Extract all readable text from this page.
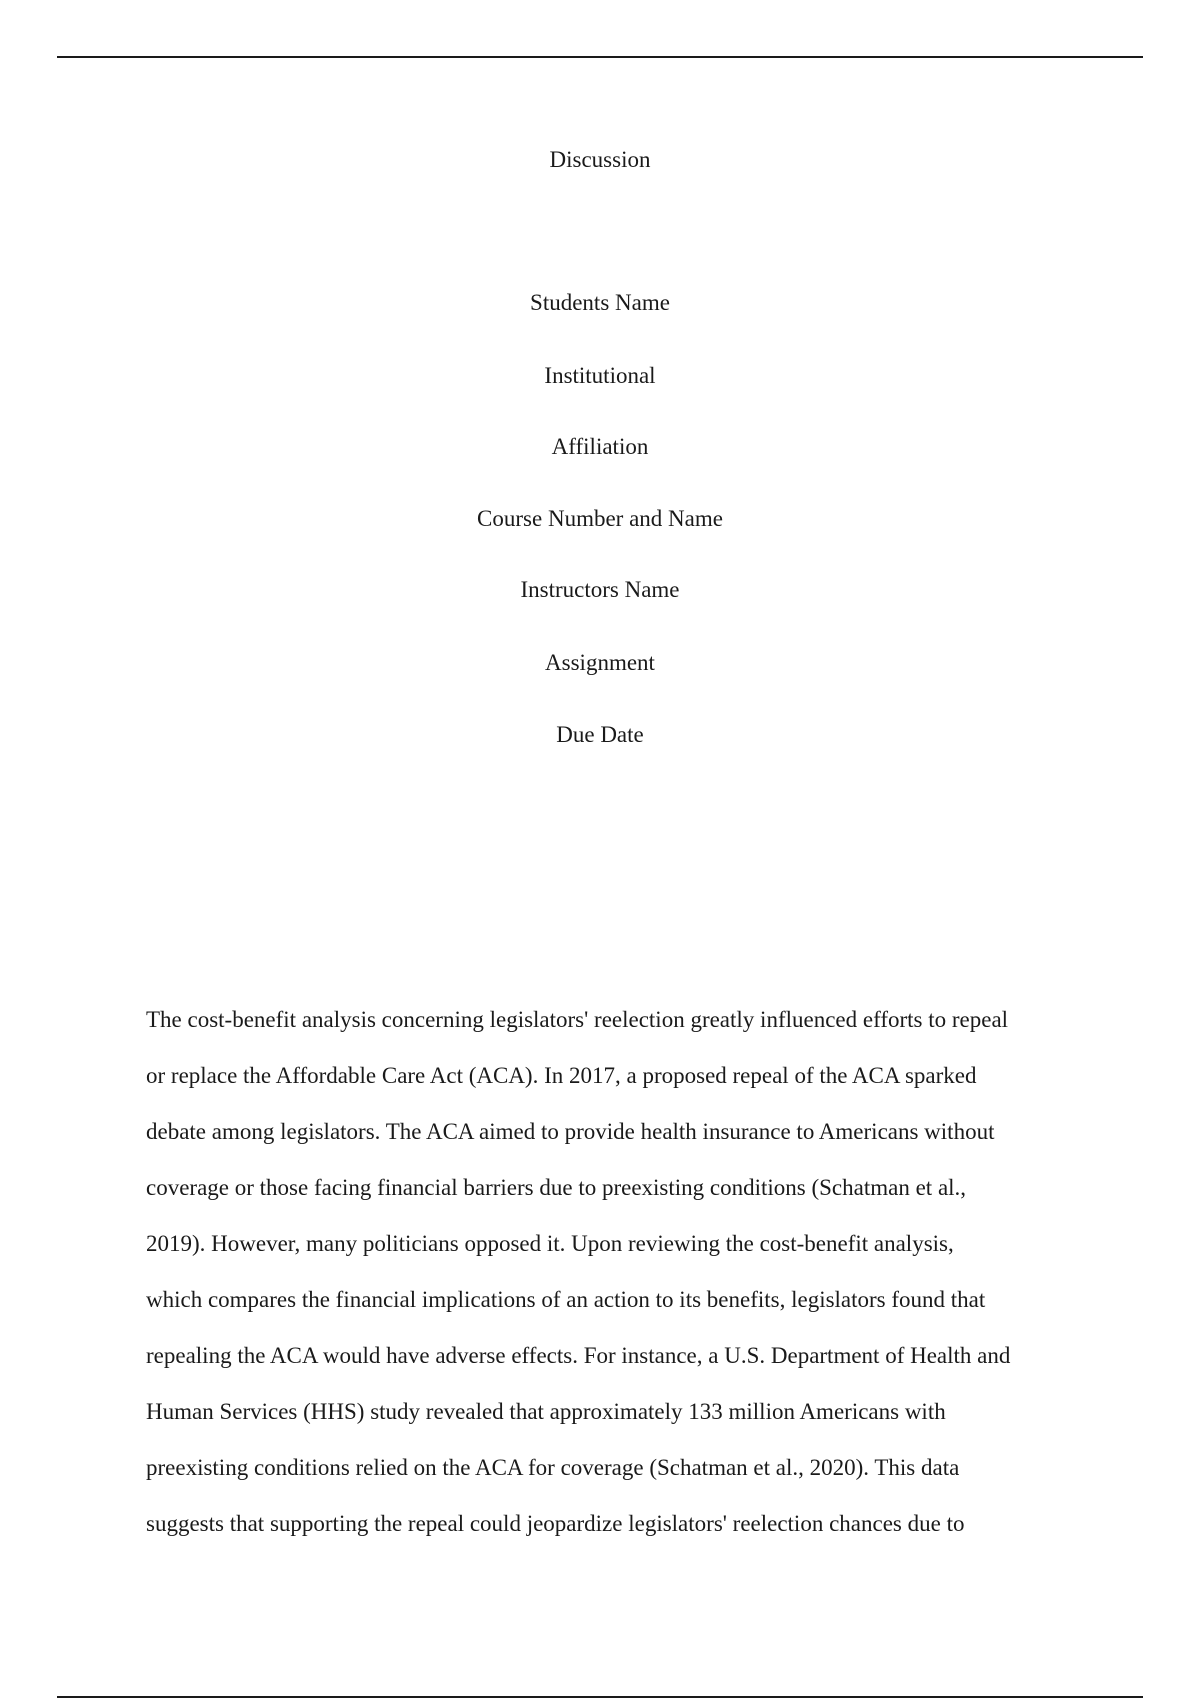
Discussion
Students Name
Institutional
Affiliation
Course Number and Name
Instructors Name
Assignment
Due Date
The cost-benefit analysis concerning legislators' reelection greatly influenced efforts to repeal
or replace the Affordable Care Act (ACA). In 2017, a proposed repeal of the ACA sparked
debate among legislators. The ACA aimed to provide health insurance to Americans without
coverage or those facing financial barriers due to preexisting conditions (Schatman et al.,
2019). However, many politicians opposed it. Upon reviewing the cost-benefit analysis,
which compares the financial implications of an action to its benefits, legislators found that
repealing the ACA would have adverse effects. For instance, a U.S. Department of Health and
Human Services (HHS) study revealed that approximately 133 million Americans with
preexisting conditions relied on the ACA for coverage (Schatman et al., 2020). This data
suggests that supporting the repeal could jeopardize legislators' reelection chances due to
